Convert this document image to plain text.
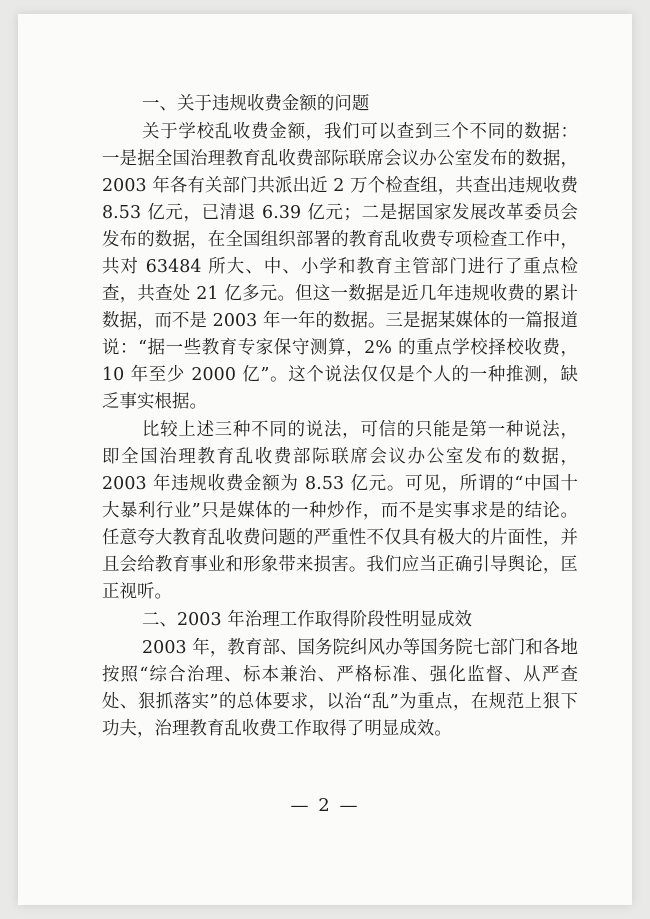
一、关于违规收费金额的问题

关于学校乱收费金额，我们可以查到三个不同的数据：一是据全国治理教育乱收费部际联席会议办公室发布的数据，2003 年各有关部门共派出近 2 万个检查组，共查出违规收费 8.53 亿元，已清退 6.39 亿元；二是据国家发展改革委员会发布的数据，在全国组织部署的教育乱收费专项检查工作中，共对 63484 所大、中、小学和教育主管部门进行了重点检查，共查处 21 亿多元。但这一数据是近几年违规收费的累计数据，而不是 2003 年一年的数据。三是据某媒体的一篇报道说：“据一些教育专家保守测算，2% 的重点学校择校收费，10 年至少 2000 亿”。这个说法仅仅是个人的一种推测，缺乏事实根据。

比较上述三种不同的说法，可信的只能是第一种说法，即全国治理教育乱收费部际联席会议办公室发布的数据，2003 年违规收费金额为 8.53 亿元。可见，所谓的“中国十大暴利行业”只是媒体的一种炒作，而不是实事求是的结论。任意夸大教育乱收费问题的严重性不仅具有极大的片面性，并且会给教育事业和形象带来损害。我们应当正确引导舆论，匡正视听。

二、2003 年治理工作取得阶段性明显成效

2003 年，教育部、国务院纠风办等国务院七部门和各地按照“综合治理、标本兼治、严格标准、强化监督、从严查处、狠抓落实”的总体要求，以治“乱”为重点，在规范上狠下功夫，治理教育乱收费工作取得了明显成效。

— 2 —
